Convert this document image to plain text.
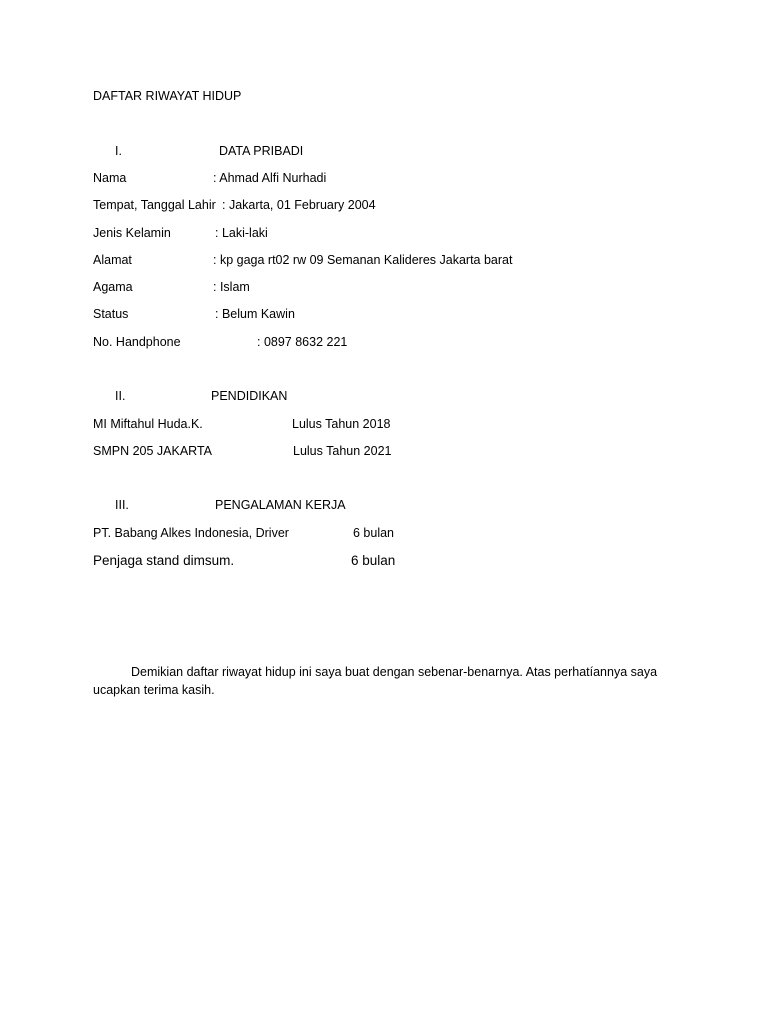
DAFTAR RIWAYAT HIDUP
I.	DATA PRIBADI
Nama	: Ahmad Alfi Nurhadi
Tempat, Tanggal Lahir : Jakarta, 01 February 2004
Jenis Kelamin	: Laki-laki
Alamat	: kp gaga rt02 rw 09 Semanan Kalideres Jakarta barat
Agama	: Islam
Status	: Belum Kawin
No. Handphone	: 0897 8632 221
II.	PENDIDIKAN
MI Miftahul Huda.K.	Lulus Tahun 2018
SMPN 205 JAKARTA	Lulus Tahun 2021
III.	PENGALAMAN KERJA
PT. Babang Alkes Indonesia, Driver	6 bulan
Penjaga stand dimsum.	6 bulan
Demikian daftar riwayat hidup ini saya buat dengan sebenar-benarnya. Atas perhatíannya saya ucapkan terima kasih.
